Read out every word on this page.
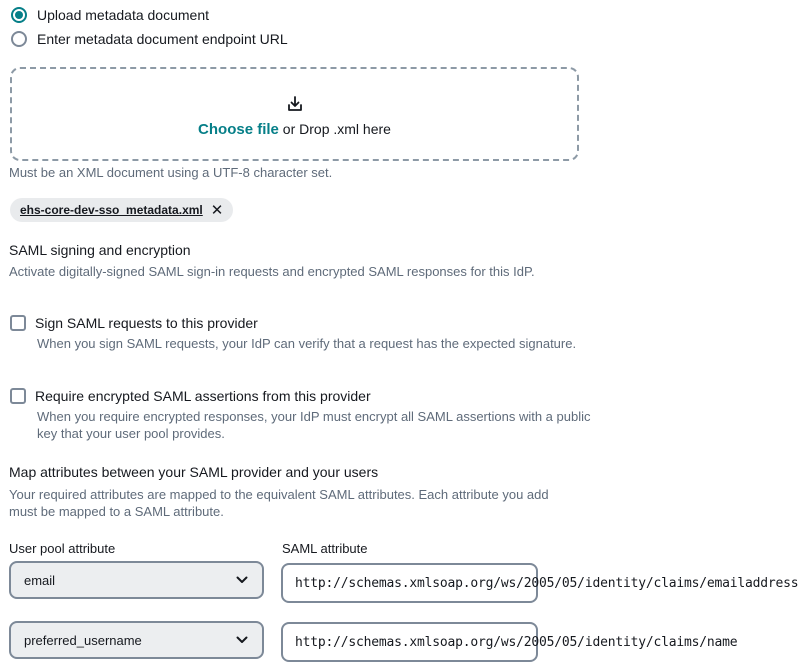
Upload metadata document
Enter metadata document endpoint URL
Choose file or Drop .xml here
Must be an XML document using a UTF-8 character set.
ehs-core-dev-sso_metadata.xml ✕
SAML signing and encryption
Activate digitally-signed SAML sign-in requests and encrypted SAML responses for this IdP.
Sign SAML requests to this provider
When you sign SAML requests, your IdP can verify that a request has the expected signature.
Require encrypted SAML assertions from this provider
When you require encrypted responses, your IdP must encrypt all SAML assertions with a public key that your user pool provides.
Map attributes between your SAML provider and your users
Your required attributes are mapped to the equivalent SAML attributes. Each attribute you add must be mapped to a SAML attribute.
User pool attribute	SAML attribute
email	http://schemas.xmlsoap.org/ws/2005/05/identity/claims/emailaddress
preferred_username	http://schemas.xmlsoap.org/ws/2005/05/identity/claims/name
